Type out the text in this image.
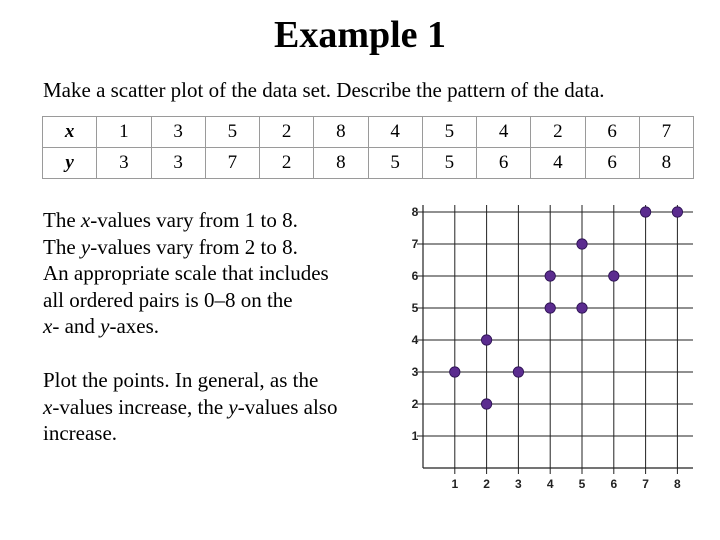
Example 1
Make a scatter plot of the data set. Describe the pattern of the data.
x	1	3	5	2	8	4	5	4	2	6	7
y	3	3	7	2	8	5	5	6	4	6	8
The x-values vary from 1 to 8.
The y-values vary from 2 to 8.
An appropriate scale that includes
all ordered pairs is 0–8 on the
x- and y-axes.
Plot the points. In general, as the
x-values increase, the y-values also
increase.
1 2 3 4 5 6 7 8
1
2
3
4
5
6
7
8
